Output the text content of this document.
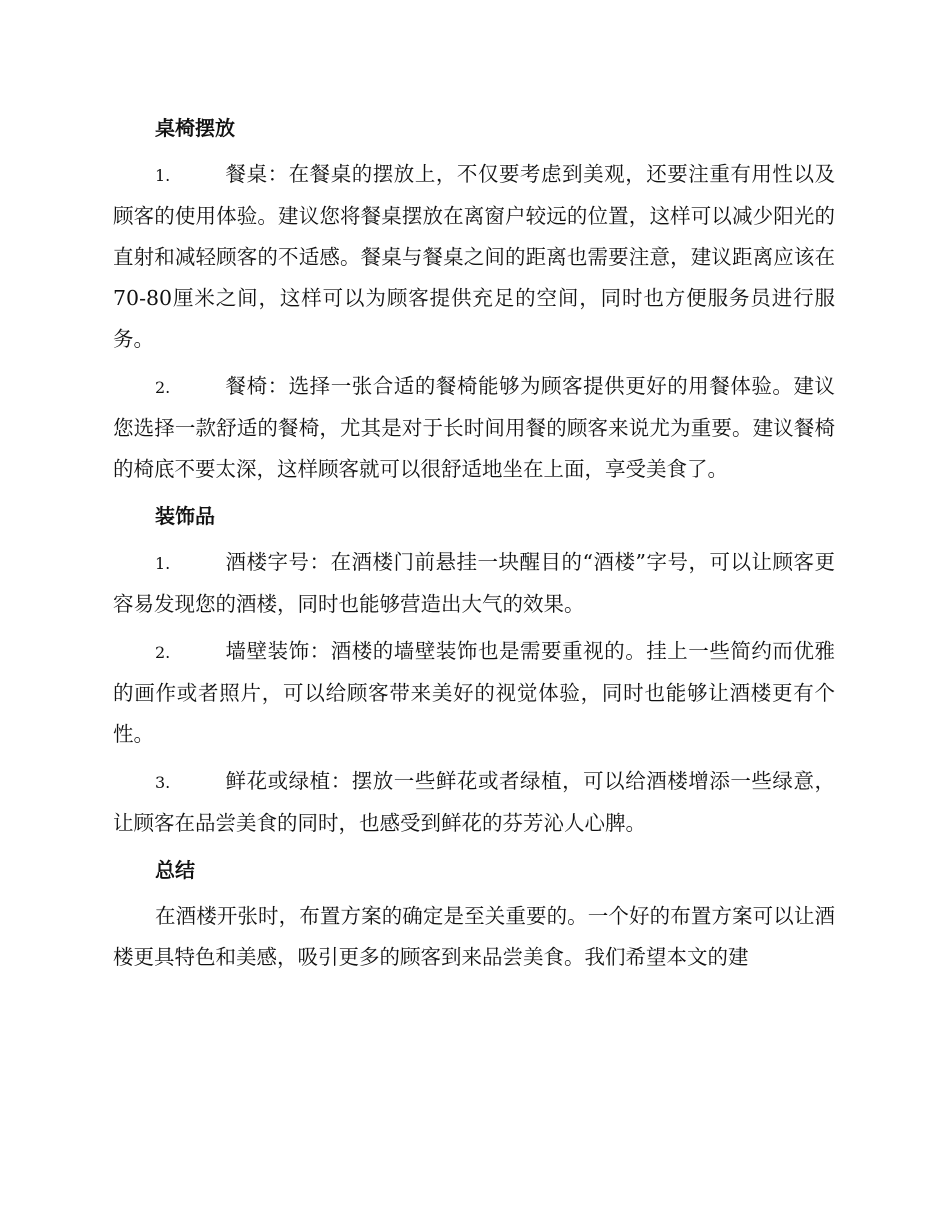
桌椅摆放
1.	餐桌：在餐桌的摆放上，不仅要考虑到美观，还要注重有用性以及顾客的使用体验。建议您将餐桌摆放在离窗户较远的位置，这样可以减少阳光的直射和减轻顾客的不适感。餐桌与餐桌之间的距离也需要注意，建议距离应该在70-80厘米之间，这样可以为顾客提供充足的空间，同时也方便服务员进行服务。
2.	餐椅：选择一张合适的餐椅能够为顾客提供更好的用餐体验。建议您选择一款舒适的餐椅，尤其是对于长时间用餐的顾客来说尤为重要。建议餐椅的椅底不要太深，这样顾客就可以很舒适地坐在上面，享受美食了。
装饰品
1.	酒楼字号：在酒楼门前悬挂一块醒目的“酒楼”字号，可以让顾客更容易发现您的酒楼，同时也能够营造出大气的效果。
2.	墙壁装饰：酒楼的墙壁装饰也是需要重视的。挂上一些简约而优雅的画作或者照片，可以给顾客带来美好的视觉体验，同时也能够让酒楼更有个性。
3.	鲜花或绿植：摆放一些鲜花或者绿植，可以给酒楼增添一些绿意，让顾客在品尝美食的同时，也感受到鲜花的芬芳沁人心脾。
总结
在酒楼开张时，布置方案的确定是至关重要的。一个好的布置方案可以让酒楼更具特色和美感，吸引更多的顾客到来品尝美食。我们希望本文的建
